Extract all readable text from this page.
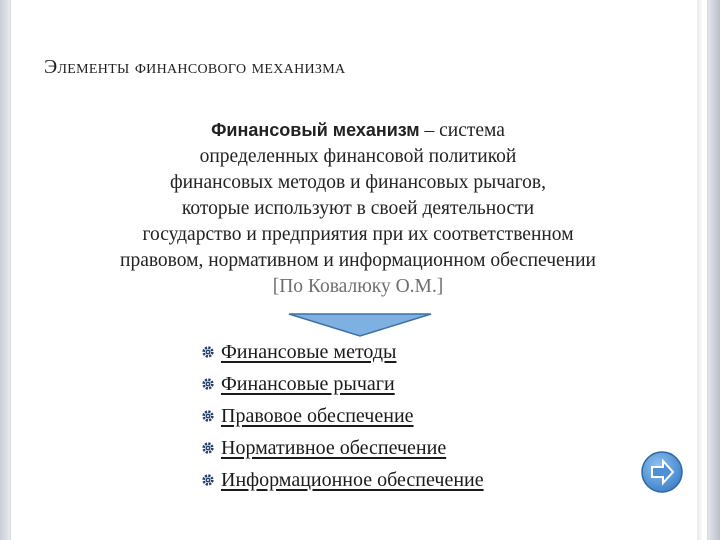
Элементы финансового механизма
Финансовый механизм – система
определенных финансовой политикой
финансовых методов и финансовых рычагов,
которые используют в своей деятельности
государство и предприятия при их соответственном
правовом, нормативном и информационном обеспечении
[По Ковалюку О.М.]
Финансовые методы
Финансовые рычаги
Правовое обеспечение
Нормативное обеспечение
Информационное обеспечение
